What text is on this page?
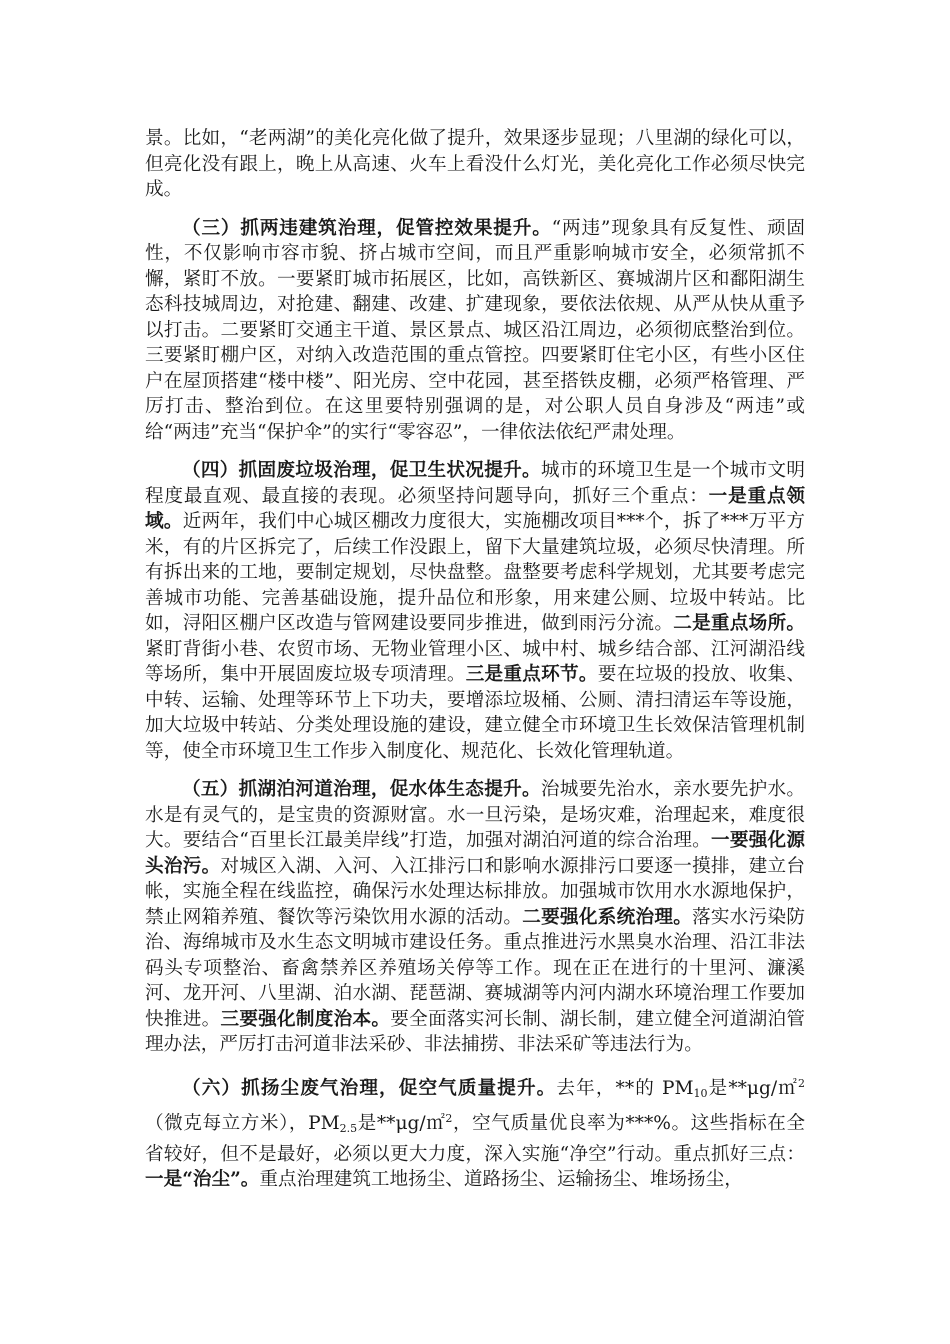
景。比如，“老两湖”的美化亮化做了提升，效果逐步显现；八里湖的绿化可以，但亮化没有跟上，晚上从高速、火车上看没什么灯光，美化亮化工作必须尽快完成。

（三）抓两违建筑治理，促管控效果提升。“两违”现象具有反复性、顽固性，不仅影响市容市貌、挤占城市空间，而且严重影响城市安全，必须常抓不懈，紧盯不放。一要紧盯城市拓展区，比如，高铁新区、赛城湖片区和鄱阳湖生态科技城周边，对抢建、翻建、改建、扩建现象，要依法依规、从严从快从重予以打击。二要紧盯交通主干道、景区景点、城区沿江周边，必须彻底整治到位。三要紧盯棚户区，对纳入改造范围的重点管控。四要紧盯住宅小区，有些小区住户在屋顶搭建“楼中楼”、阳光房、空中花园，甚至搭铁皮棚，必须严格管理、严厉打击、整治到位。在这里要特别强调的是，对公职人员自身涉及“两违”或给“两违”充当“保护伞”的实行“零容忍”，一律依法依纪严肃处理。

（四）抓固废垃圾治理，促卫生状况提升。城市的环境卫生是一个城市文明程度最直观、最直接的表现。必须坚持问题导向，抓好三个重点：一是重点领域。近两年，我们中心城区棚改力度很大，实施棚改项目***个，拆了***万平方米，有的片区拆完了，后续工作没跟上，留下大量建筑垃圾，必须尽快清理。所有拆出来的工地，要制定规划，尽快盘整。盘整要考虑科学规划，尤其要考虑完善城市功能、完善基础设施，提升品位和形象，用来建公厕、垃圾中转站。比如，浔阳区棚户区改造与管网建设要同步推进，做到雨污分流。二是重点场所。紧盯背街小巷、农贸市场、无物业管理小区、城中村、城乡结合部、江河湖沿线等场所，集中开展固废垃圾专项清理。三是重点环节。要在垃圾的投放、收集、中转、运输、处理等环节上下功夫，要增添垃圾桶、公厕、清扫清运车等设施，加大垃圾中转站、分类处理设施的建设，建立健全市环境卫生长效保洁管理机制等，使全市环境卫生工作步入制度化、规范化、长效化管理轨道。

（五）抓湖泊河道治理，促水体生态提升。治城要先治水，亲水要先护水。水是有灵气的，是宝贵的资源财富。水一旦污染，是场灾难，治理起来，难度很大。要结合“百里长江最美岸线”打造，加强对湖泊河道的综合治理。一要强化源头治污。对城区入湖、入河、入江排污口和影响水源排污口要逐一摸排，建立台帐，实施全程在线监控，确保污水处理达标排放。加强城市饮用水水源地保护，禁止网箱养殖、餐饮等污染饮用水源的活动。二要强化系统治理。落实水污染防治、海绵城市及水生态文明城市建设任务。重点推进污水黑臭水治理、沿江非法码头专项整治、畜禽禁养区养殖场关停等工作。现在正在进行的十里河、濂溪河、龙开河、八里湖、泊水湖、琵琶湖、赛城湖等内河内湖水环境治理工作要加快推进。三要强化制度治本。要全面落实河长制、湖长制，建立健全河道湖泊管理办法，严厉打击河道非法采砂、非法捕捞、非法采矿等违法行为。

（六）抓扬尘废气治理，促空气质量提升。去年，**的 $PM_{10}$是**μg/㎡$^2$（微克每立方米），$PM_{2.5}$是**μg/㎡$^2$，空气质量优良率为***%。这些指标在全省较好，但不是最好，必须以更大力度，深入实施“净空”行动。重点抓好三点：一是“治尘”。重点治理建筑工地扬尘、道路扬尘、运输扬尘、堆场扬尘，
